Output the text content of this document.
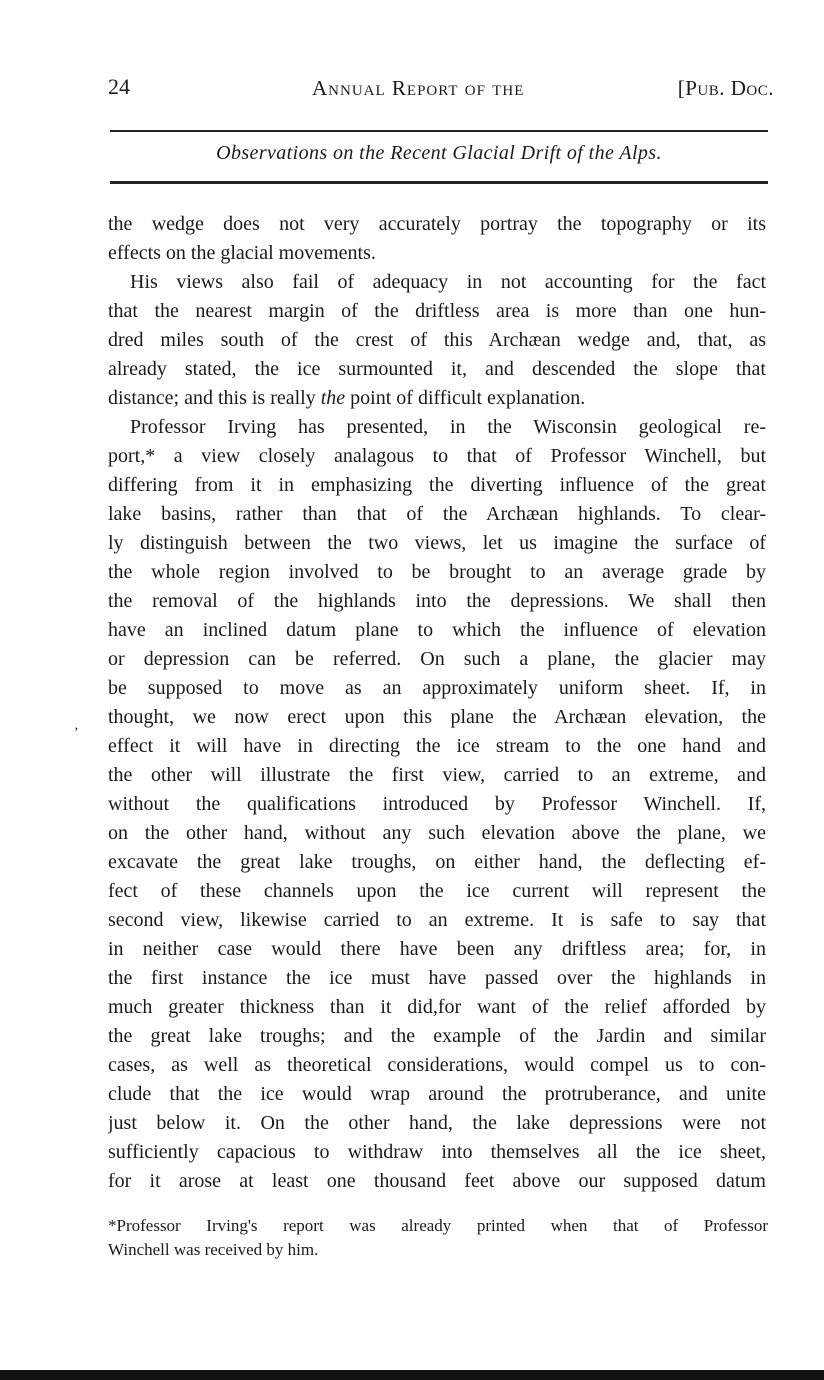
24	Annual Report of the	[Pub. Doc.
Observations on the Recent Glacial Drift of the Alps.
the wedge does not very accurately portray the topography or its
effects on the glacial movements.
His views also fail of adequacy in not accounting for the fact
that the nearest margin of the driftless area is more than one hun-
dred miles south of the crest of this Archæan wedge and, that, as
already stated, the ice surmounted it, and descended the slope that
distance; and this is really the point of difficult explanation.
Professor Irving has presented, in the Wisconsin geological re-
port,* a view closely analagous to that of Professor Winchell, but
differing from it in emphasizing the diverting influence of the great
lake basins, rather than that of the Archæan highlands. To clear-
ly distinguish between the two views, let us imagine the surface of
the whole region involved to be brought to an average grade by
the removal of the highlands into the depressions. We shall then
have an inclined datum plane to which the influence of elevation
or depression can be referred. On such a plane, the glacier may
be supposed to move as an approximately uniform sheet. If, in
thought, we now erect upon this plane the Archæan elevation, the
effect it will have in directing the ice stream to the one hand and
the other will illustrate the first view, carried to an extreme, and
without the qualifications introduced by Professor Winchell. If,
on the other hand, without any such elevation above the plane, we
excavate the great lake troughs, on either hand, the deflecting ef-
fect of these channels upon the ice current will represent the
second view, likewise carried to an extreme. It is safe to say that
in neither case would there have been any driftless area; for, in
the first instance the ice must have passed over the highlands in
much greater thickness than it did,for want of the relief afforded by
the great lake troughs; and the example of the Jardin and similar
cases, as well as theoretical considerations, would compel us to con-
clude that the ice would wrap around the protruberance, and unite
just below it. On the other hand, the lake depressions were not
sufficiently capacious to withdraw into themselves all the ice sheet,
for it arose at least one thousand feet above our supposed datum
‚
*Professor Irving's report was already printed when that of Professor
Winchell was received by him.
